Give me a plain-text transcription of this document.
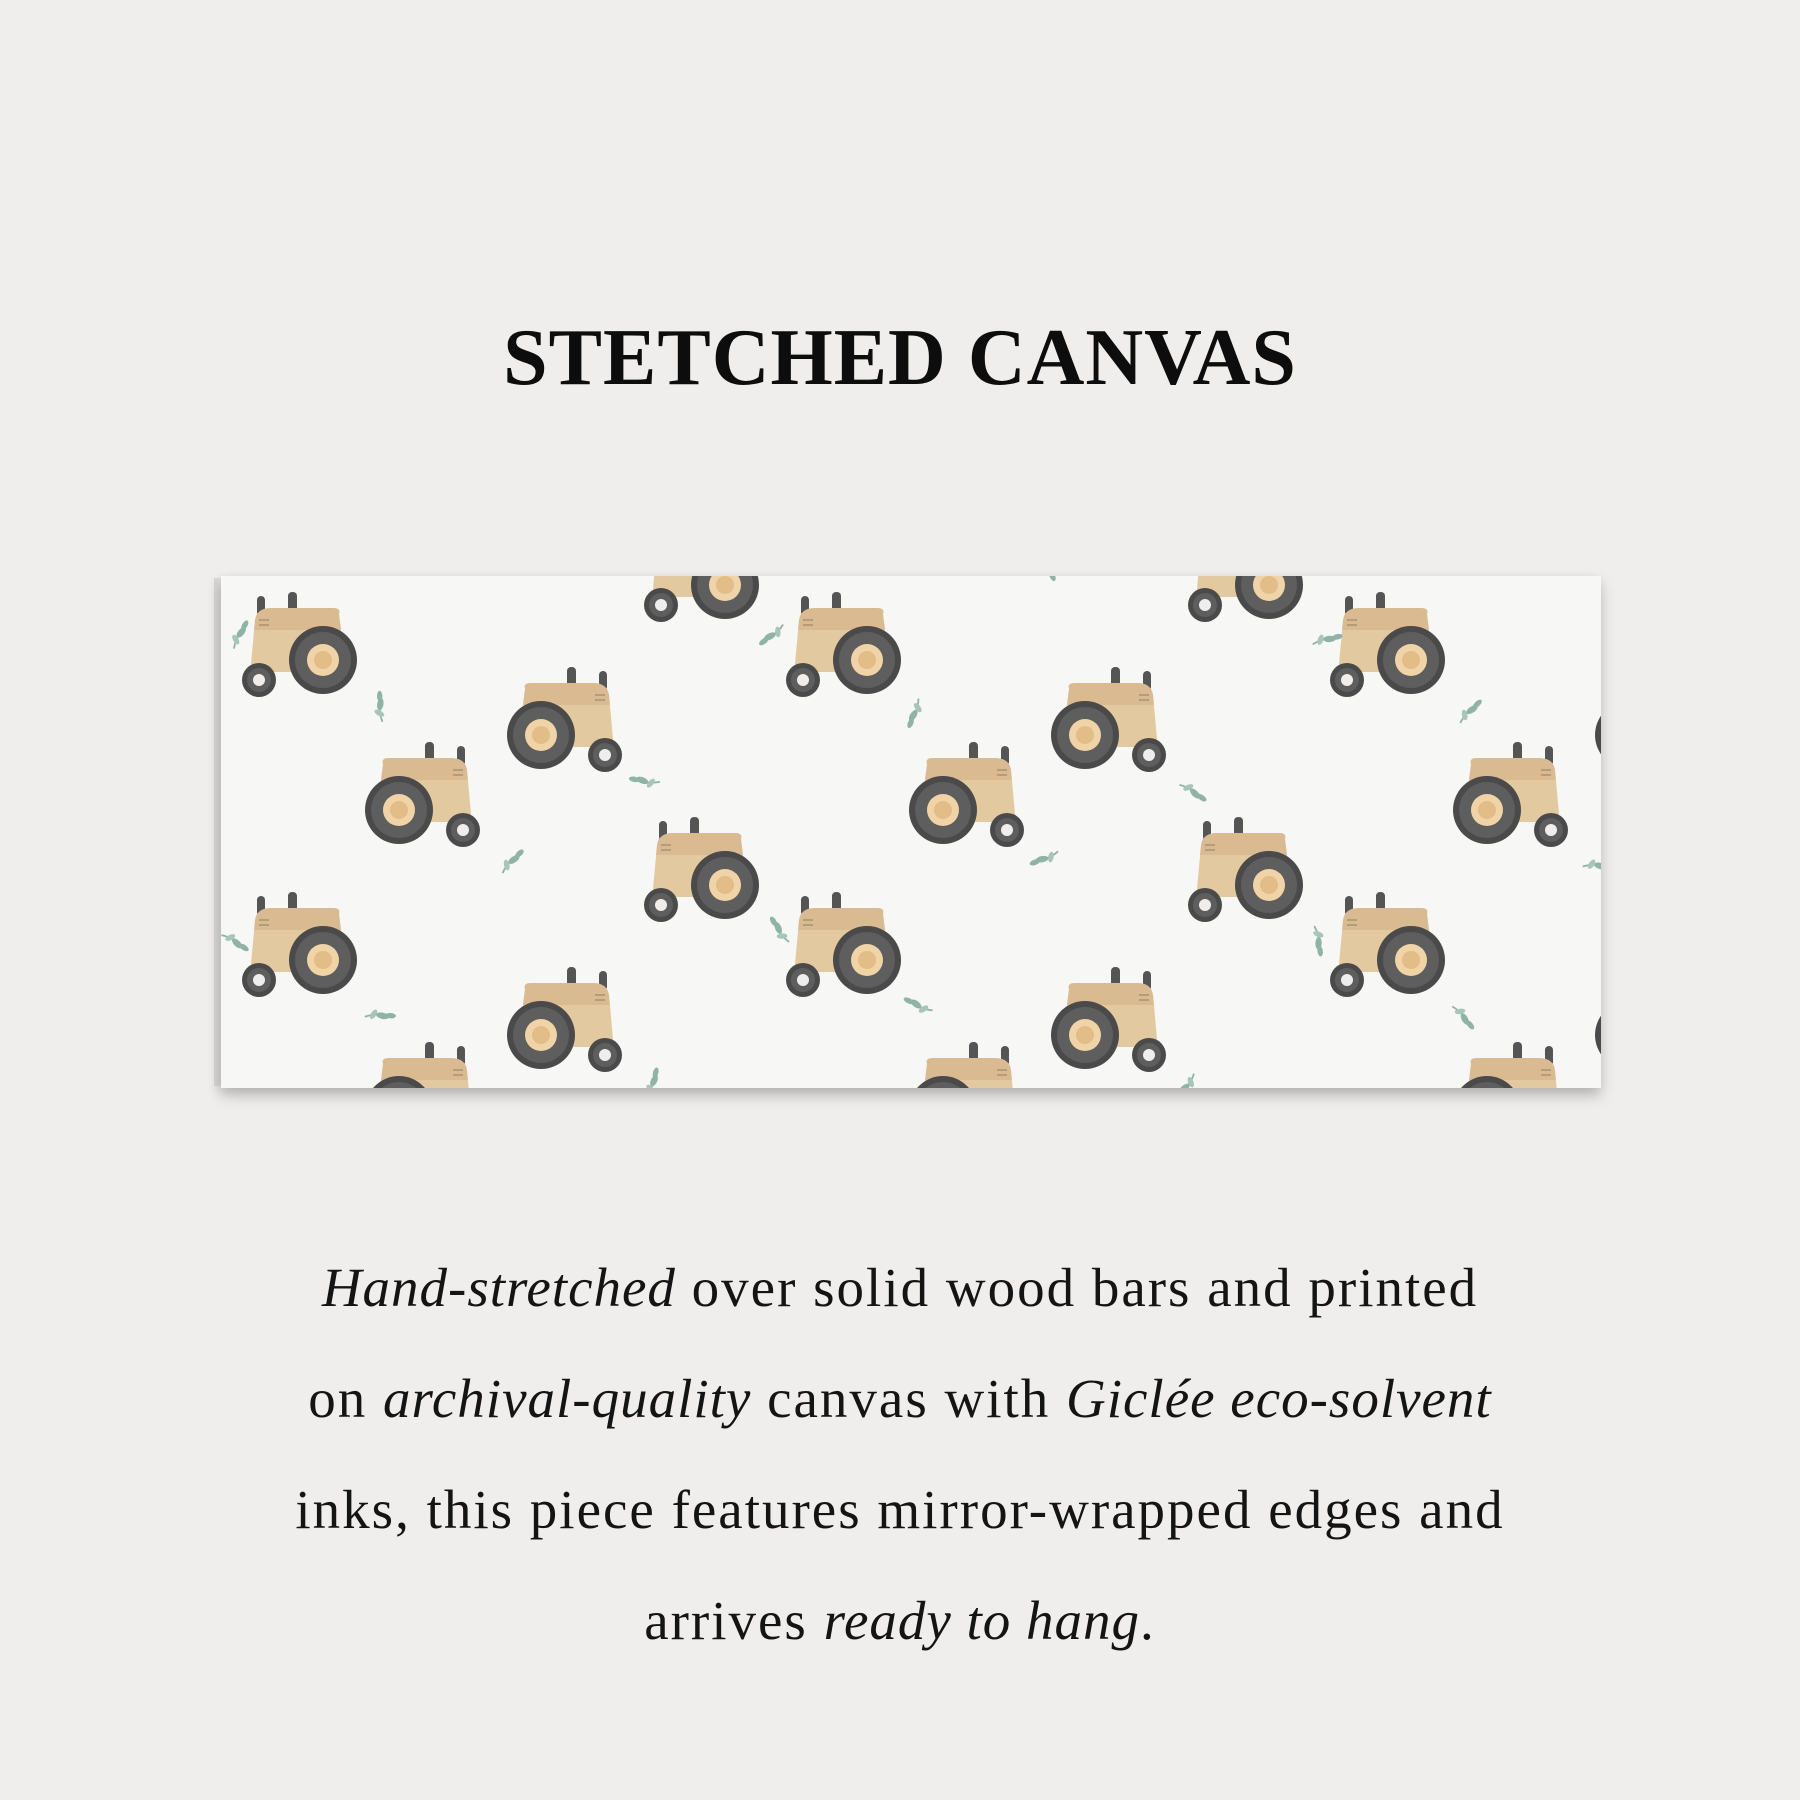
STETCHED CANVAS
Hand-stretched over solid wood bars and printed
on archival-quality canvas with Giclée eco-solvent
inks, this piece features mirror-wrapped edges and
arrives ready to hang.
